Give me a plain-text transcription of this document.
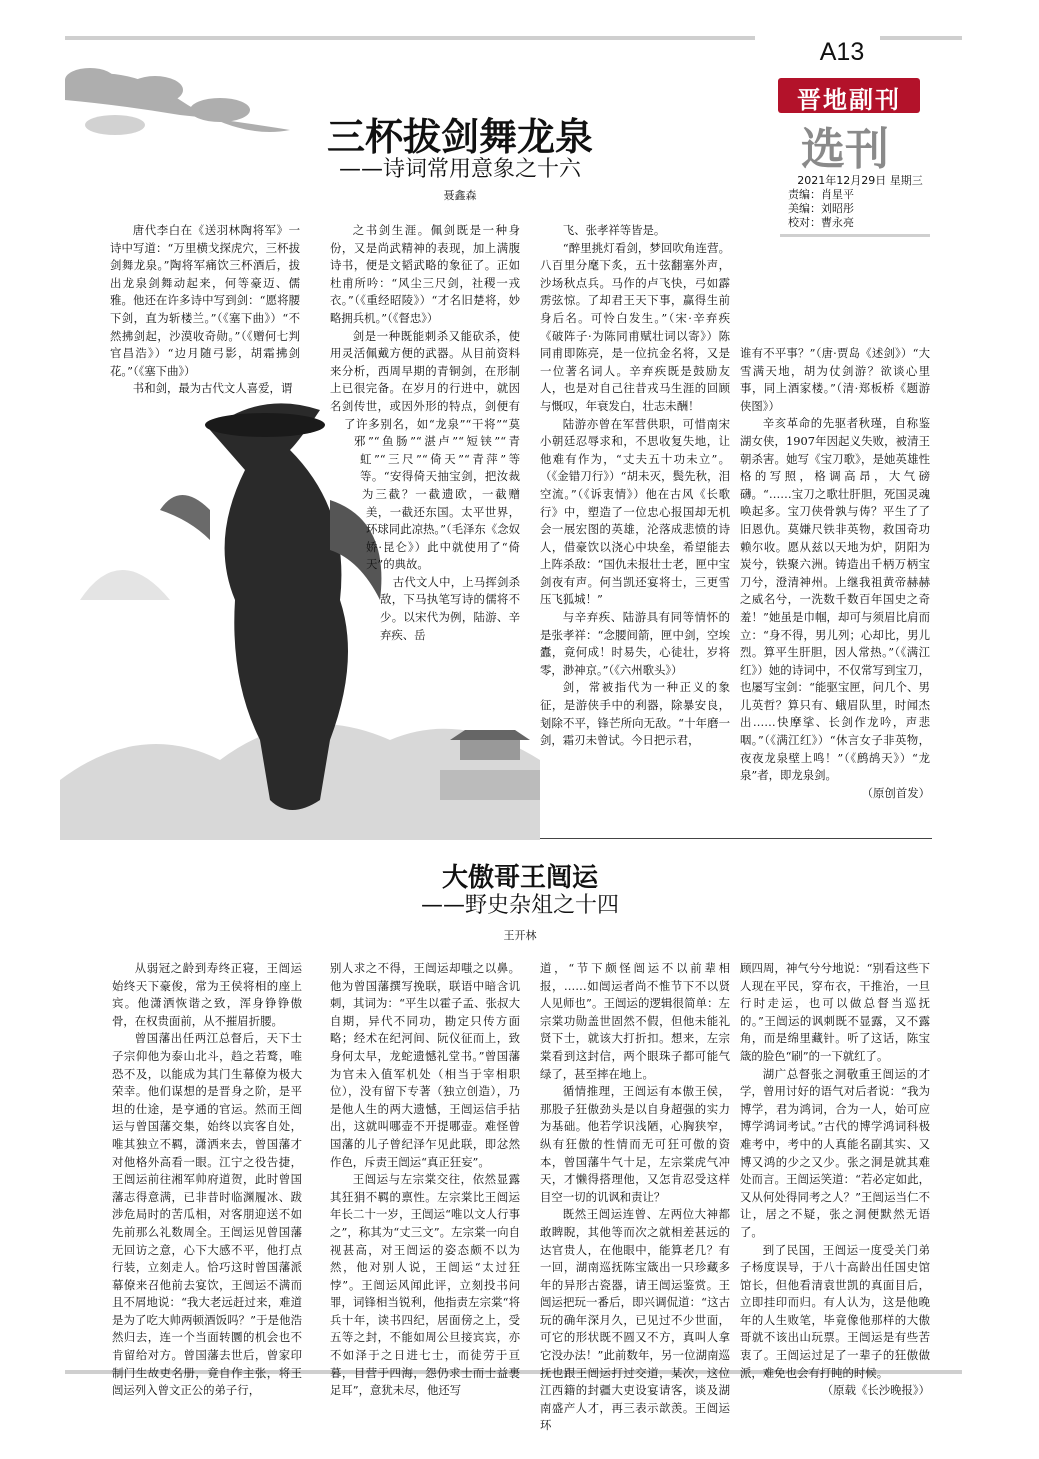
A13
晋地副刊
选刊
2021年12月29日 星期三
责编：肖星平
美编：刘昭彤
校对：曹永亮
三杯拔剑舞龙泉
——诗词常用意象之十六
聂鑫森

唐代李白在《送羽林陶将军》一诗中写道：“万里横戈探虎穴，三杯拔剑舞龙泉。”陶将军痛饮三杯酒后，拔出龙泉剑舞动起来，何等豪迈、儒雅。他还在许多诗中写到剑：“愿将腰下剑，直为斩楼兰。”（《塞下曲》）“不然拂剑起，沙漠收奇勋。”（《赠何七判官昌浩》）“边月随弓影，胡霜拂剑花。”（《塞下曲》）

书和剑，最为古代文人喜爱，谓

之书剑生涯。佩剑既是一种身份，又是尚武精神的表现，加上满腹诗书，便是文韬武略的象征了。正如杜甫所吟：“风尘三尺剑，社稷一戎衣。”（《重经昭陵》）“才名旧楚将，妙略拥兵机。”（《督忠》）

剑是一种既能刺杀又能砍杀，使用灵活佩戴方便的武器。从目前资料来分析，西周早期的青铜剑，在形制上已很完备。在岁月的行进中，就因名剑传世，或因外形的特点，剑便有了许多别名，如“龙泉”“干将”“莫邪”“鱼肠”“湛卢”“短铗”“青虹”“三尺”“倚天”“青萍”等等。“安得倚天抽宝剑，把汝裁为三截？一截遗欧，一截赠美，一截还东国。太平世界，环球同此凉热。”（毛泽东《念奴娇·昆仑》）此中就使用了“倚天”的典故。

古代文人中，上马挥剑杀敌，下马执笔写诗的儒将不少。以宋代为例，陆游、辛弃疾、岳

飞、张孝祥等皆是。

“醉里挑灯看剑，梦回吹角连营。八百里分麾下炙，五十弦翻塞外声，沙场秋点兵。马作的卢飞快，弓如霹雳弦惊。了却君王天下事，赢得生前身后名。可怜白发生。”（宋·辛弃疾《破阵子·为陈同甫赋壮词以寄》）陈同甫即陈亮，是一位抗金名将，又是一位著名词人。辛弃疾既是鼓励友人，也是对自己往昔戎马生涯的回顾与慨叹，年衰发白，壮志未酬！

陆游亦曾在军营供职，可惜南宋小朝廷忍辱求和，不思收复失地，让他难有作为，“丈夫五十功未立”。（《金错刀行》）“胡未灭，鬓先秋，泪空流。”（《诉衷情》）他在古风《长歌行》中，塑造了一位忠心报国却无机会一展宏图的英雄，沦落成悲愤的诗人，借豪饮以浇心中块垒，希望能去上阵杀敌：“国仇未报壮士老，匣中宝剑夜有声。何当凯还宴将士，三更雪压飞狐城！”

与辛弃疾、陆游具有同等情怀的是张孝祥：“念腰间箭，匣中剑，空埃蠹，竟何成！时易失，心徒壮，岁将零，渺神京。”（《六州歌头》）

剑，常被指代为一种正义的象征，是游侠手中的利器，除暴安良，刬除不平，锋芒所向无敌。“十年磨一剑，霜刃未曾试。今日把示君，

谁有不平事？”（唐·贾岛《述剑》）“大雪满天地，胡为仗剑游？欲谈心里事，同上酒家楼。”（清·郑板桥《题游侠图》）

辛亥革命的先驱者秋瑾，自称鉴湖女侠，1907年因起义失败，被清王朝杀害。她写《宝刀歌》，是她英雄性格的写照，格调高昂，大气磅礴。“……宝刀之歌壮肝胆，死国灵魂唤起多。宝刀侠骨孰与俦？平生了了旧恩仇。莫嫌尺铁非英物，救国奇功赖尔收。愿从兹以天地为炉，阴阳为炭兮，铁聚六洲。铸造出千柄万柄宝刀兮，澄清神州。上继我祖黄帝赫赫之威名兮，一洗数千数百年国史之奇羞！”她虽是巾帼，却可与须眉比肩而立：“身不得，男儿列；心却比，男儿烈。算平生肝胆，因人常热。”（《满江红》）她的诗词中，不仅常写到宝刀，也屡写宝剑：“能驱宝匣，问几个、男儿英哲？算只有、蛾眉队里，时闻杰出……快摩挲、长剑作龙吟，声悲咽。”（《满江红》）“休言女子非英物，夜夜龙泉壁上鸣！”（《鹧鸪天》）“龙泉”者，即龙泉剑。

（原创首发）

大傲哥王闿运
——野史杂俎之十四
王开林

从弱冠之龄到寿终正寝，王闿运始终天下豪俊，常为王侯将相的座上宾。他潇洒恢谐之致，浑身铮铮傲骨，在权贵面前，从不摧眉折腰。

曾国藩出任两江总督后，天下士子宗仰他为泰山北斗，趋之若鹜，唯恐不及，以能成为其门生幕僚为极大荣幸。他们谋想的是晋身之阶，是平坦的仕途，是亨通的官运。然而王闿运与曾国藩交集，始终以宾客自处，唯其独立不羁，潇洒来去，曾国藩才对他格外高看一眼。江宁之役告捷，王闿运前往湘军帅府道贺，此时曾国藩志得意满，已非昔时临渊履冰、跋涉危局时的苦瓜相，对客朋迎送不如先前那么礼数周全。王闿运见曾国藩无回访之意，心下大感不平，他打点行装，立刻走人。恰巧这时曾国藩派幕僚来召他前去宴饮，王闿运不满而且不屑地说：“我大老远赶过来，难道是为了吃大帅两顿酒饭吗？”于是他浩然归去，连一个当面转圜的机会也不肯留给对方。曾国藩去世后，曾家印制门生故吏名册，竟自作主张，将王闿运列入曾文正公的弟子行，

别人求之不得，王闿运却嗤之以鼻。他为曾国藩撰写挽联，联语中暗含讥刺，其词为：“平生以霍子孟、张叔大自期，异代不同功，勘定只传方面略；经术在纪河间、阮仪征而上，致身何太早，龙蛇遗憾礼堂书。”曾国藩为官未入值军机处（相当于宰相职位），没有留下专著（独立创造），乃是他人生的两大遗憾，王闿运信手拈出，这就叫哪壶不开提哪壶。难怪曾国藩的儿子曾纪泽乍见此联，即忿然作色，斥责王闿运“真正狂妄”。

王闿运与左宗棠交往，依然显露其狂狷不羁的禀性。左宗棠比王闿运年长二十一岁，王闿运“唯以文人行事之”，称其为“丈三文”。左宗棠一向自视甚高，对王闿运的姿态颇不以为然，他对别人说，王闿运“太过狂悖”。王闿运风闻此评，立刻投书问罪，词锋相当锐利，他指责左宗棠“将兵十年，读书四纪，居面傍之上，受五等之封，不能如周公旦接宾宾，亦不如泽于之日进七士，而徒劳于亘暮，目营于四海，怨仍求士而士益裹足耳”，意犹未尽，他还写

道，“节下颇怪闿运不以前辈相报，……如闿运者尚不惟节下不以贤人见师也”。王闿运的逻辑很简单：左宗棠功勋盖世固然不假，但他未能礼贤下士，就该大打折扣。想来，左宗棠看到这封信，两个眼珠子都可能气绿了，甚至摔在地上。

循情推理，王闿运有本傲王侯，那股子狂傲劲头是以自身超强的实力为基础。他若学识浅陋，心胸狭窄，纵有狂傲的性情而无可狂可傲的资本，曾国藩牛气十足，左宗棠虎气冲天，才懒得搭理他，又怎肯忍受这样目空一切的讥讽和责让？

既然王闿运连曾、左两位大神都敢睥睨，其他等而次之就相差甚远的达官贵人，在他眼中，能算老几？有一回，湖南巡抚陈宝箴出一只珍藏多年的异形古瓷器，请王闿运鉴赏。王闿运把玩一番后，即兴调侃道：“这古玩的确年深月久，已见过不少世面，可它的形状既不圆又不方，真叫人拿它没办法！”此前数年，另一位湖南巡抚也跟王闿运打过交道，某次，这位江西籍的封疆大吏设宴请客，谈及湖南盛产人才，再三表示歆羡。王闿运环

顾四周，神气兮兮地说：“别看这些下人现在平民，穿布衣，干推治，一旦行时走运，也可以做总督当巡抚的。”王闿运的讽刺既不显露，又不露角，而是绵里藏针。听了这话，陈宝箴的脸色“刷”的一下就红了。

湖广总督张之洞敬重王闿运的才学，曾用讨好的语气对后者说：“我为博学，君为鸿词，合为一人，始可应博学鸿词考试。”古代的博学鸿词科极难考中，考中的人真能名副其实、又博又鸿的少之又少。张之洞是就其难处而言。王闿运笑道：“若必定如此，又从何处得同考之人？”王闿运当仁不让，居之不疑，张之洞便默然无语了。

到了民国，王闿运一度受关门弟子杨度误导，于八十高龄出任国史馆馆长，但他看清袁世凯的真面目后，立即挂印而归。有人认为，这是他晚年的人生败笔，毕竟像他那样的大傲哥就不该出山玩票。王闿运是有些苦衷了。王闿运过足了一辈子的狂傲做派，难免也会有打盹的时候。

（原载《长沙晚报》）
